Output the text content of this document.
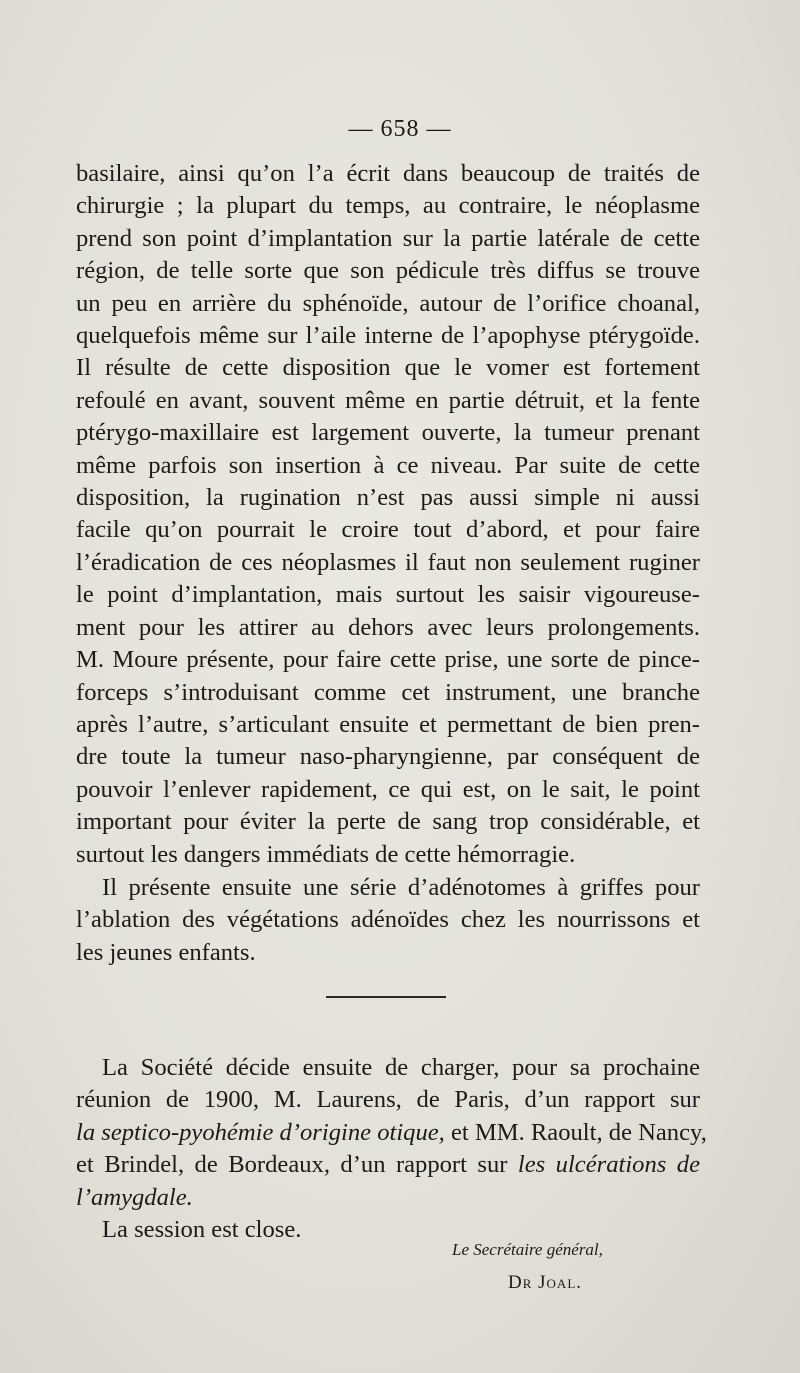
— 658 —
basilaire, ainsi qu’on l’a écrit dans beaucoup de traités de
chirurgie ; la plupart du temps, au contraire, le néoplasme
prend son point d’implantation sur la partie latérale de cette
région, de telle sorte que son pédicule très diffus se trouve
un peu en arrière du sphénoïde, autour de l’orifice choanal,
quelquefois même sur l’aile interne de l’apophyse ptérygoïde.
Il résulte de cette disposition que le vomer est fortement
refoulé en avant, souvent même en partie détruit, et la fente
ptérygo-maxillaire est largement ouverte, la tumeur prenant
même parfois son insertion à ce niveau. Par suite de cette
disposition, la rugination n’est pas aussi simple ni aussi
facile qu’on pourrait le croire tout d’abord, et pour faire
l’éradication de ces néoplasmes il faut non seulement ruginer
le point d’implantation, mais surtout les saisir vigoureuse-
ment pour les attirer au dehors avec leurs prolongements.
M. Moure présente, pour faire cette prise, une sorte de pince-
forceps s’introduisant comme cet instrument, une branche
après l’autre, s’articulant ensuite et permettant de bien pren-
dre toute la tumeur naso-pharyngienne, par conséquent de
pouvoir l’enlever rapidement, ce qui est, on le sait, le point
important pour éviter la perte de sang trop considérable, et
surtout les dangers immédiats de cette hémorragie.
Il présente ensuite une série d’adénotomes à griffes pour
l’ablation des végétations adénoïdes chez les nourrissons et
les jeunes enfants.
La Société décide ensuite de charger, pour sa prochaine
réunion de 1900, M. Laurens, de Paris, d’un rapport sur
la septico-pyohémie d’origine otique, et MM. Raoult, de Nancy,
et Brindel, de Bordeaux, d’un rapport sur les ulcérations de
l’amygdale.
La session est close.
Le Secrétaire général,
Dr Joal.
